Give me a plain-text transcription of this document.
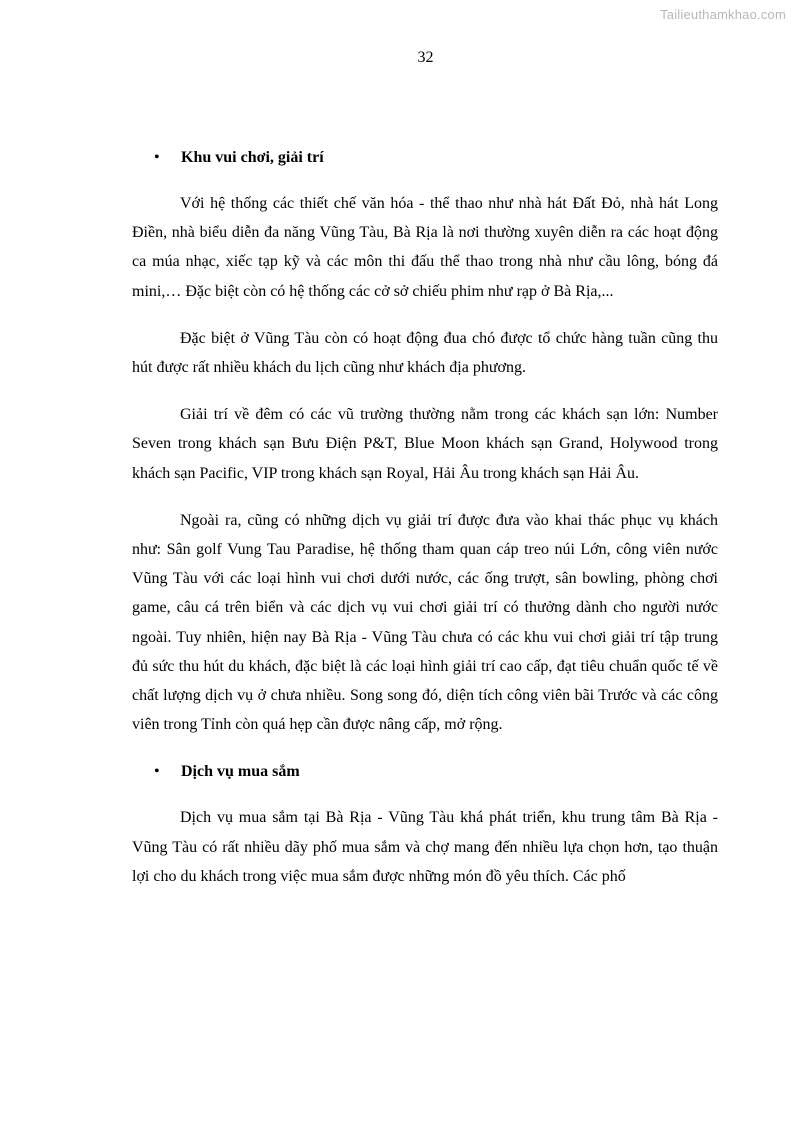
Tailieuthamkhao.com
32
• Khu vui chơi, giải trí

Với hệ thống các thiết chế văn hóa - thể thao như nhà hát Đất Đỏ, nhà hát Long Điền, nhà biểu diễn đa năng Vũng Tàu, Bà Rịa là nơi thường xuyên diễn ra các hoạt động ca múa nhạc, xiếc tạp kỹ và các môn thi đấu thể thao trong nhà như cầu lông, bóng đá mini,… Đặc biệt còn có hệ thống các cở sở chiếu phim như rạp ở Bà Rịa,...

Đặc biệt ở Vũng Tàu còn có hoạt động đua chó được tổ chức hàng tuần cũng thu hút được rất nhiều khách du lịch cũng như khách địa phương.

Giải trí về đêm có các vũ trường thường nằm trong các khách sạn lớn: Number Seven trong khách sạn Bưu Điện P&T, Blue Moon khách sạn Grand, Holywood trong khách sạn Pacific, VIP trong khách sạn Royal, Hải Âu trong khách sạn Hải Âu.

Ngoài ra, cũng có những dịch vụ giải trí được đưa vào khai thác phục vụ khách như: Sân golf Vung Tau Paradise, hệ thống tham quan cáp treo núi Lớn, công viên nước Vũng Tàu với các loại hình vui chơi dưới nước, các ống trượt, sân bowling, phòng chơi game, câu cá trên biển và các dịch vụ vui chơi giải trí có thưởng dành cho người nước ngoài. Tuy nhiên, hiện nay Bà Rịa - Vũng Tàu chưa có các khu vui chơi giải trí tập trung đủ sức thu hút du khách, đặc biệt là các loại hình giải trí cao cấp, đạt tiêu chuẩn quốc tế về chất lượng dịch vụ ở chưa nhiều. Song song đó, diện tích công viên bãi Trước và các công viên trong Tỉnh còn quá hẹp cần được nâng cấp, mở rộng.

• Dịch vụ mua sắm

Dịch vụ mua sắm tại Bà Rịa - Vũng Tàu khá phát triển, khu trung tâm Bà Rịa - Vũng Tàu có rất nhiều dãy phố mua sắm và chợ mang đến nhiều lựa chọn hơn, tạo thuận lợi cho du khách trong việc mua sắm được những món đồ yêu thích. Các phố
